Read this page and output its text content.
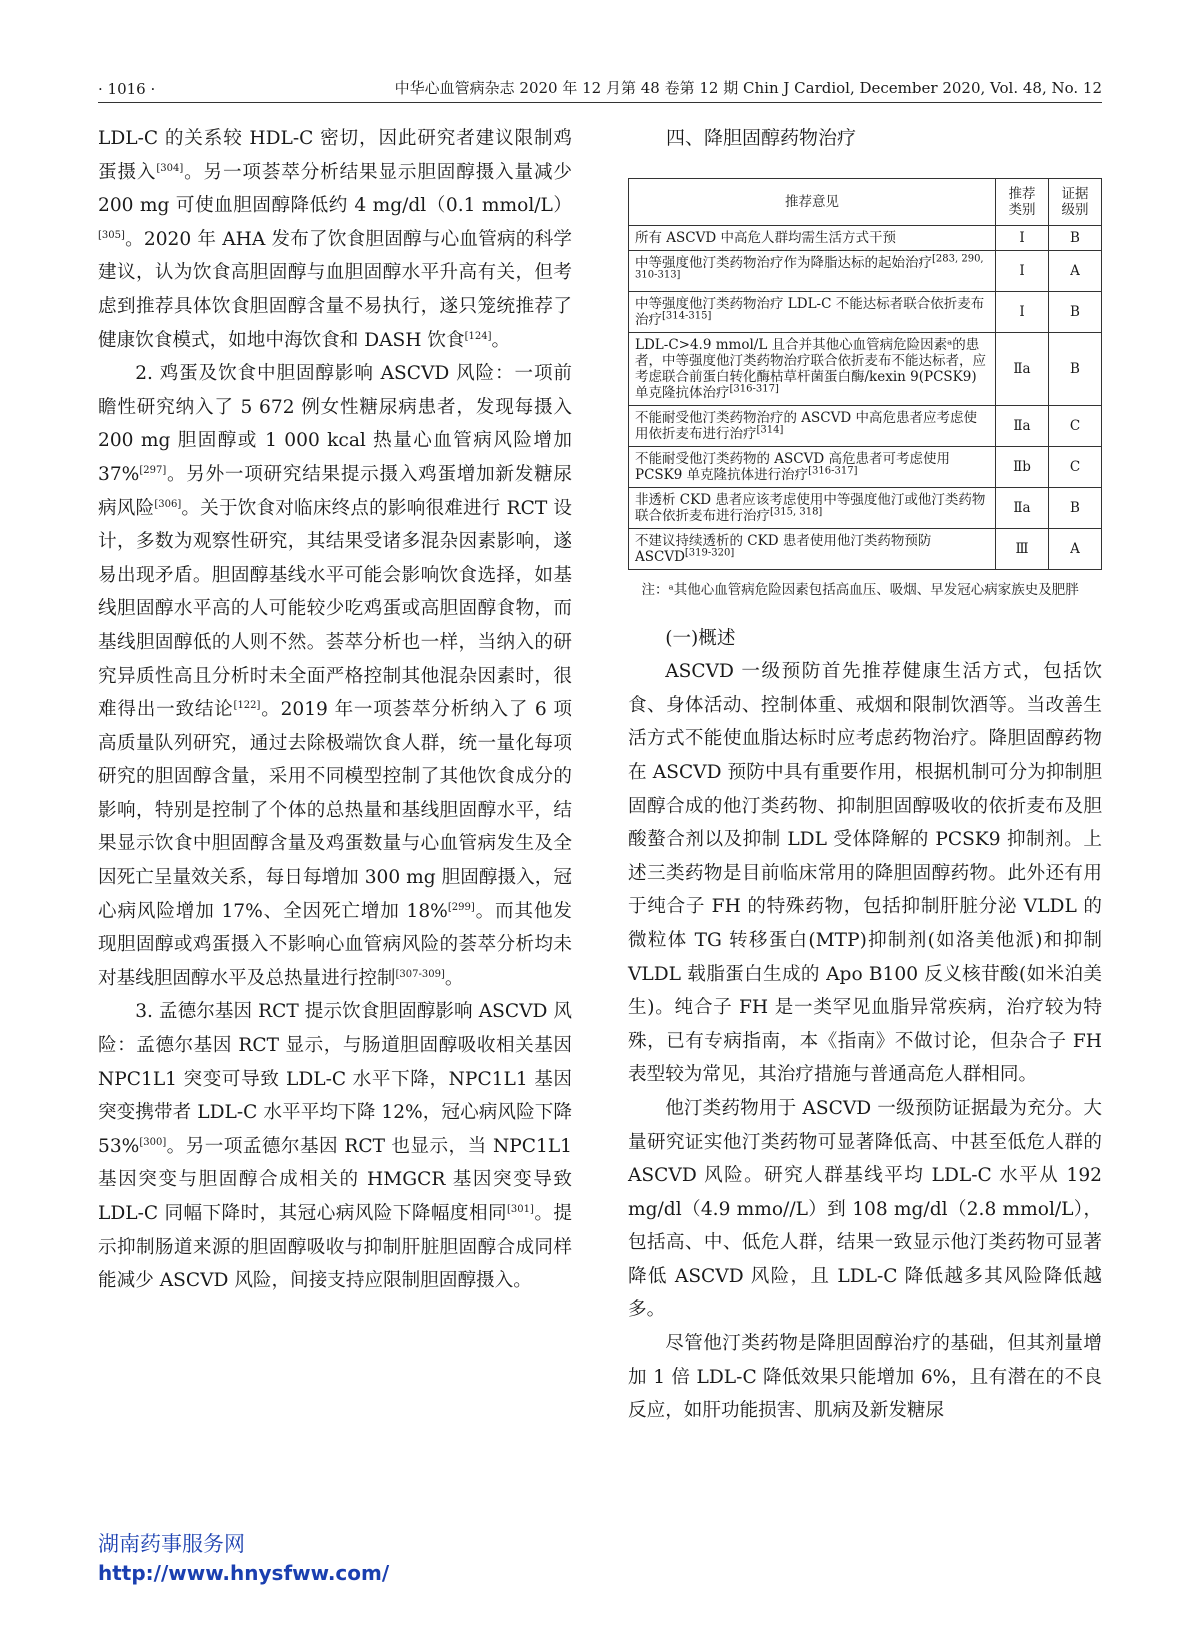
· 1016 ·	中华心血管病杂志 2020 年 12 月第 48 卷第 12 期 Chin J Cardiol, December 2020, Vol. 48, No. 12

LDL-C 的关系较 HDL-C 密切，因此研究者建议限制鸡蛋摄入[304]。另一项荟萃分析结果显示胆固醇摄入量减少 200 mg 可使血胆固醇降低约 4 mg/dl（0.1 mmol/L）[305]。2020 年 AHA 发布了饮食胆固醇与心血管病的科学建议，认为饮食高胆固醇与血胆固醇水平升高有关，但考虑到推荐具体饮食胆固醇含量不易执行，遂只笼统推荐了健康饮食模式，如地中海饮食和 DASH 饮食[124]。

2. 鸡蛋及饮食中胆固醇影响 ASCVD 风险：一项前瞻性研究纳入了 5 672 例女性糖尿病患者，发现每摄入 200 mg 胆固醇或 1 000 kcal 热量心血管病风险增加 37%[297]。另外一项研究结果提示摄入鸡蛋增加新发糖尿病风险[306]。关于饮食对临床终点的影响很难进行 RCT 设计，多数为观察性研究，其结果受诸多混杂因素影响，遂易出现矛盾。胆固醇基线水平可能会影响饮食选择，如基线胆固醇水平高的人可能较少吃鸡蛋或高胆固醇食物，而基线胆固醇低的人则不然。荟萃分析也一样，当纳入的研究异质性高且分析时未全面严格控制其他混杂因素时，很难得出一致结论[122]。2019 年一项荟萃分析纳入了 6 项高质量队列研究，通过去除极端饮食人群，统一量化每项研究的胆固醇含量，采用不同模型控制了其他饮食成分的影响，特别是控制了个体的总热量和基线胆固醇水平，结果显示饮食中胆固醇含量及鸡蛋数量与心血管病发生及全因死亡呈量效关系，每日每增加 300 mg 胆固醇摄入，冠心病风险增加 17%、全因死亡增加 18%[299]。而其他发现胆固醇或鸡蛋摄入不影响心血管病风险的荟萃分析均未对基线胆固醇水平及总热量进行控制[307-309]。

3. 孟德尔基因 RCT 提示饮食胆固醇影响 ASCVD 风险：孟德尔基因 RCT 显示，与肠道胆固醇吸收相关基因 NPC1L1 突变可导致 LDL-C 水平下降，NPC1L1 基因突变携带者 LDL-C 水平平均下降 12%，冠心病风险下降 53%[300]。另一项孟德尔基因 RCT 也显示，当 NPC1L1 基因突变与胆固醇合成相关的 HMGCR 基因突变导致 LDL-C 同幅下降时，其冠心病风险下降幅度相同[301]。提示抑制肠道来源的胆固醇吸收与抑制肝脏胆固醇合成同样能减少 ASCVD 风险，间接支持应限制胆固醇摄入。

四、降胆固醇药物治疗
推荐意见	推荐类别	证据级别
所有 ASCVD 中高危人群均需生活方式干预	Ⅰ	B
中等强度他汀类药物治疗作为降脂达标的起始治疗[283, 290, 310-313]	Ⅰ	A
中等强度他汀类药物治疗 LDL-C 不能达标者联合依折麦布治疗[314-315]	Ⅰ	B
LDL-C>4.9 mmol/L 且合并其他心血管病危险因素ᵃ的患者，中等强度他汀类药物治疗联合依折麦布不能达标者，应考虑联合前蛋白转化酶枯草杆菌蛋白酶/kexin 9(PCSK9)单克隆抗体治疗[316-317]	Ⅱa	B
不能耐受他汀类药物治疗的 ASCVD 中高危患者应考虑使用依折麦布进行治疗[314]	Ⅱa	C
不能耐受他汀类药物的 ASCVD 高危患者可考虑使用 PCSK9 单克隆抗体进行治疗[316-317]	Ⅱb	C
非透析 CKD 患者应该考虑使用中等强度他汀或他汀类药物联合依折麦布进行治疗[315, 318]	Ⅱa	B
不建议持续透析的 CKD 患者使用他汀类药物预防 ASCVD[319-320]	Ⅲ	A
注：ᵃ其他心血管病危险因素包括高血压、吸烟、早发冠心病家族史及肥胖

(一)概述

ASCVD 一级预防首先推荐健康生活方式，包括饮食、身体活动、控制体重、戒烟和限制饮酒等。当改善生活方式不能使血脂达标时应考虑药物治疗。降胆固醇药物在 ASCVD 预防中具有重要作用，根据机制可分为抑制胆固醇合成的他汀类药物、抑制胆固醇吸收的依折麦布及胆酸螯合剂以及抑制 LDL 受体降解的 PCSK9 抑制剂。上述三类药物是目前临床常用的降胆固醇药物。此外还有用于纯合子 FH 的特殊药物，包括抑制肝脏分泌 VLDL 的微粒体 TG 转移蛋白(MTP)抑制剂(如洛美他派)和抑制 VLDL 载脂蛋白生成的 Apo B100 反义核苷酸(如米泊美生)。纯合子 FH 是一类罕见血脂异常疾病，治疗较为特殊，已有专病指南，本《指南》不做讨论，但杂合子 FH 表型较为常见，其治疗措施与普通高危人群相同。

他汀类药物用于 ASCVD 一级预防证据最为充分。大量研究证实他汀类药物可显著降低高、中甚至低危人群的 ASCVD 风险。研究人群基线平均 LDL-C 水平从 192 mg/dl（4.9 mmo//L）到 108 mg/dl（2.8 mmol/L），包括高、中、低危人群，结果一致显示他汀类药物可显著降低 ASCVD 风险，且 LDL-C 降低越多其风险降低越多。

尽管他汀类药物是降胆固醇治疗的基础，但其剂量增加 1 倍 LDL-C 降低效果只能增加 6%，且有潜在的不良反应，如肝功能损害、肌病及新发糖尿

湖南药事服务网
http://www.hnysfww.com/
